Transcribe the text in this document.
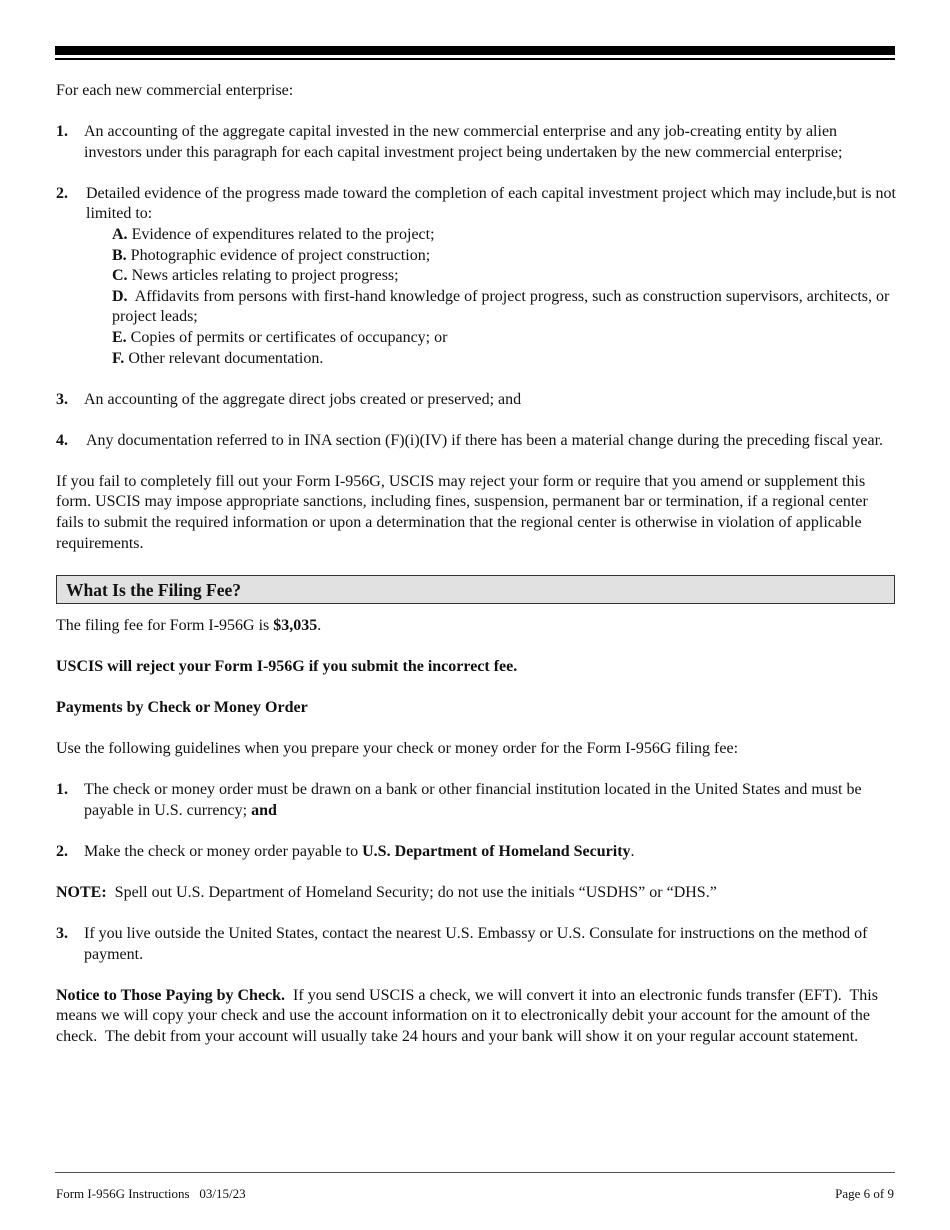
For each new commercial enterprise:

1. An accounting of the aggregate capital invested in the new commercial enterprise and any job-creating entity by alien investors under this paragraph for each capital investment project being undertaken by the new commercial enterprise;

2. Detailed evidence of the progress made toward the completion of each capital investment project which may include,but is not limited to:

A. Evidence of expenditures related to the project;

B. Photographic evidence of project construction;

C. News articles relating to project progress;

D. Affidavits from persons with first-hand knowledge of project progress, such as construction supervisors, architects, or project leads;

E. Copies of permits or certificates of occupancy; or

F. Other relevant documentation.

3. An accounting of the aggregate direct jobs created or preserved; and

4. Any documentation referred to in INA section (F)(i)(IV) if there has been a material change during the preceding fiscal year.

If you fail to completely fill out your Form I-956G, USCIS may reject your form or require that you amend or supplement this form. USCIS may impose appropriate sanctions, including fines, suspension, permanent bar or termination, if a regional center fails to submit the required information or upon a determination that the regional center is otherwise in violation of applicable requirements.

What Is the Filing Fee?

The filing fee for Form I-956G is $3,035.

USCIS will reject your Form I-956G if you submit the incorrect fee.

Payments by Check or Money Order

Use the following guidelines when you prepare your check or money order for the Form I-956G filing fee:

1. The check or money order must be drawn on a bank or other financial institution located in the United States and must be payable in U.S. currency; and

2. Make the check or money order payable to U.S. Department of Homeland Security.

NOTE:  Spell out U.S. Department of Homeland Security; do not use the initials “USDHS” or “DHS.”

3. If you live outside the United States, contact the nearest U.S. Embassy or U.S. Consulate for instructions on the method of payment.

Notice to Those Paying by Check.  If you send USCIS a check, we will convert it into an electronic funds transfer (EFT).  This means we will copy your check and use the account information on it to electronically debit your account for the amount of the check.  The debit from your account will usually take 24 hours and your bank will show it on your regular account statement.

Form I-956G Instructions   03/15/23	Page 6 of 9
